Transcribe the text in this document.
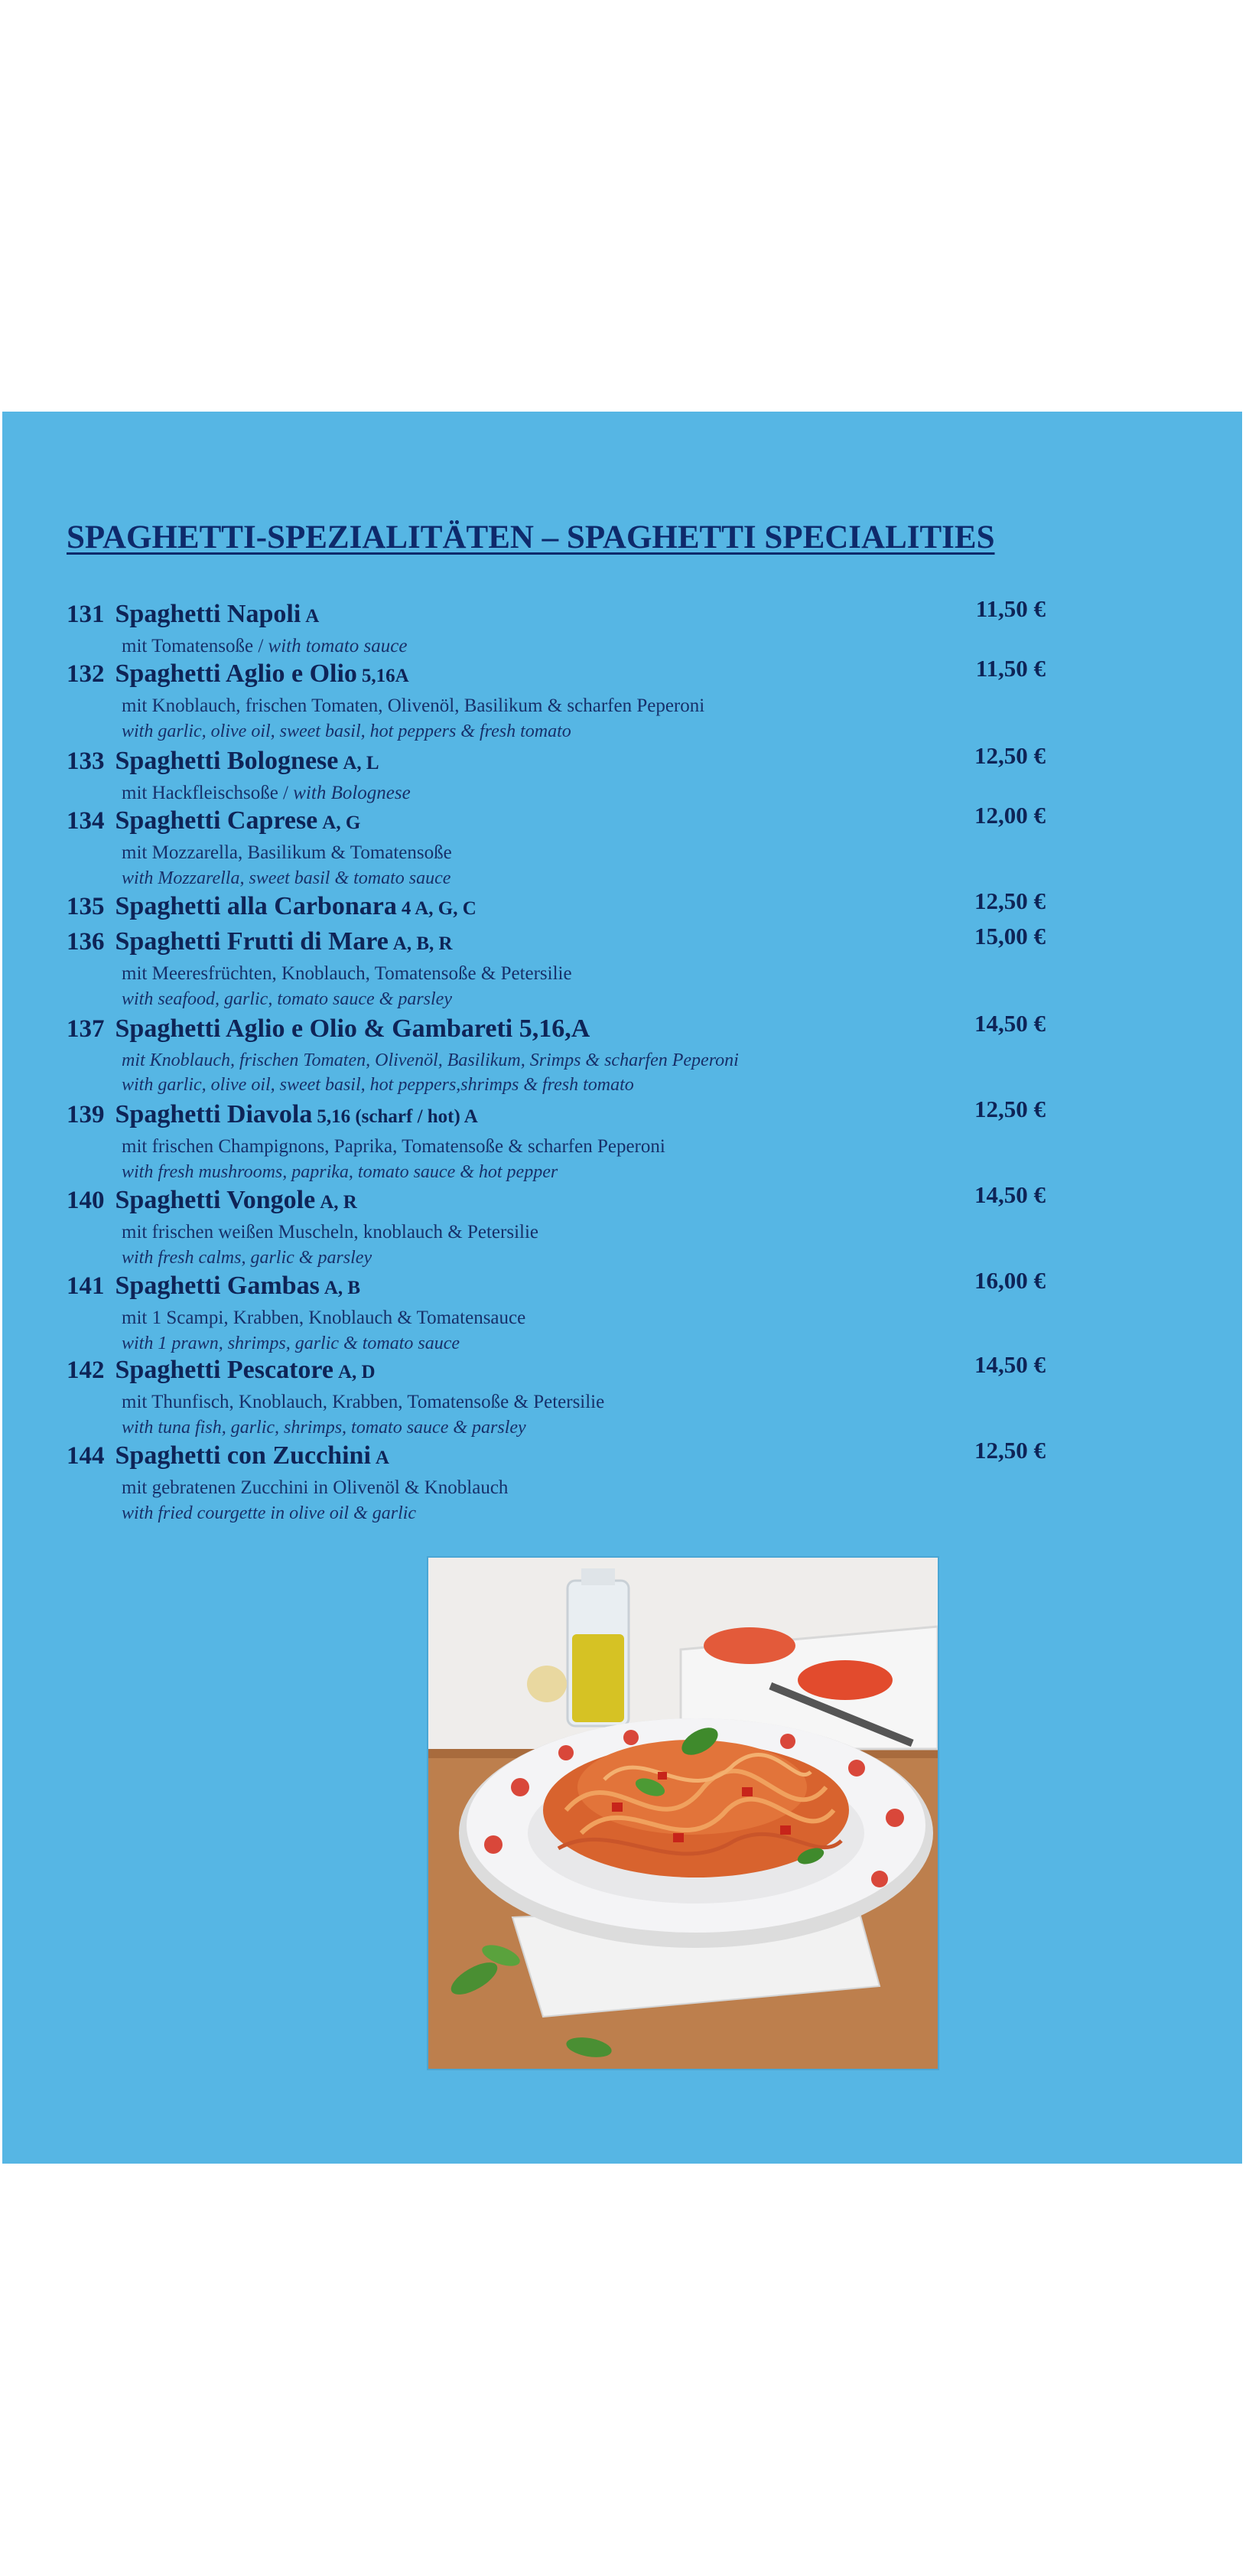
SPAGHETTI-SPEZIALITÄTEN – SPAGHETTI SPECIALITIES
131 Spaghetti Napoli A	11,50 €
mit Tomatensoße / with tomato sauce
132 Spaghetti Aglio e Olio 5,16A	11,50 €
mit Knoblauch, frischen Tomaten, Olivenöl, Basilikum & scharfen Peperoni
with garlic, olive oil, sweet basil, hot peppers & fresh tomato
133 Spaghetti Bolognese A, L	12,50 €
mit Hackfleischsoße / with Bolognese
134 Spaghetti Caprese A, G	12,00 €
mit Mozzarella, Basilikum & Tomatensoße
with Mozzarella, sweet basil & tomato sauce
135 Spaghetti alla Carbonara 4 A, G, C	12,50 €
136 Spaghetti Frutti di Mare A, B, R	15,00 €
mit Meeresfrüchten, Knoblauch, Tomatensoße & Petersilie
with seafood, garlic, tomato sauce & parsley
137 Spaghetti Aglio e Olio & Gambareti 5,16,A	14,50 €
mit Knoblauch, frischen Tomaten, Olivenöl, Basilikum, Srimps & scharfen Peperoni
with garlic, olive oil, sweet basil, hot peppers,shrimps & fresh tomato
139 Spaghetti Diavola 5,16 (scharf / hot) A	12,50 €
mit frischen Champignons, Paprika, Tomatensoße & scharfen Peperoni
with fresh mushrooms, paprika, tomato sauce & hot pepper
140 Spaghetti Vongole A, R	14,50 €
mit frischen weißen Muscheln, knoblauch & Petersilie
with fresh calms, garlic & parsley
141 Spaghetti Gambas A, B	16,00 €
mit 1 Scampi, Krabben, Knoblauch & Tomatensauce
with 1 prawn, shrimps, garlic & tomato sauce
142 Spaghetti Pescatore A, D	14,50 €
mit Thunfisch, Knoblauch, Krabben, Tomatensoße & Petersilie
with tuna fish, garlic, shrimps, tomato sauce & parsley
144 Spaghetti con Zucchini A	12,50 €
mit gebratenen Zucchini in Olivenöl & Knoblauch
with fried courgette in olive oil & garlic
